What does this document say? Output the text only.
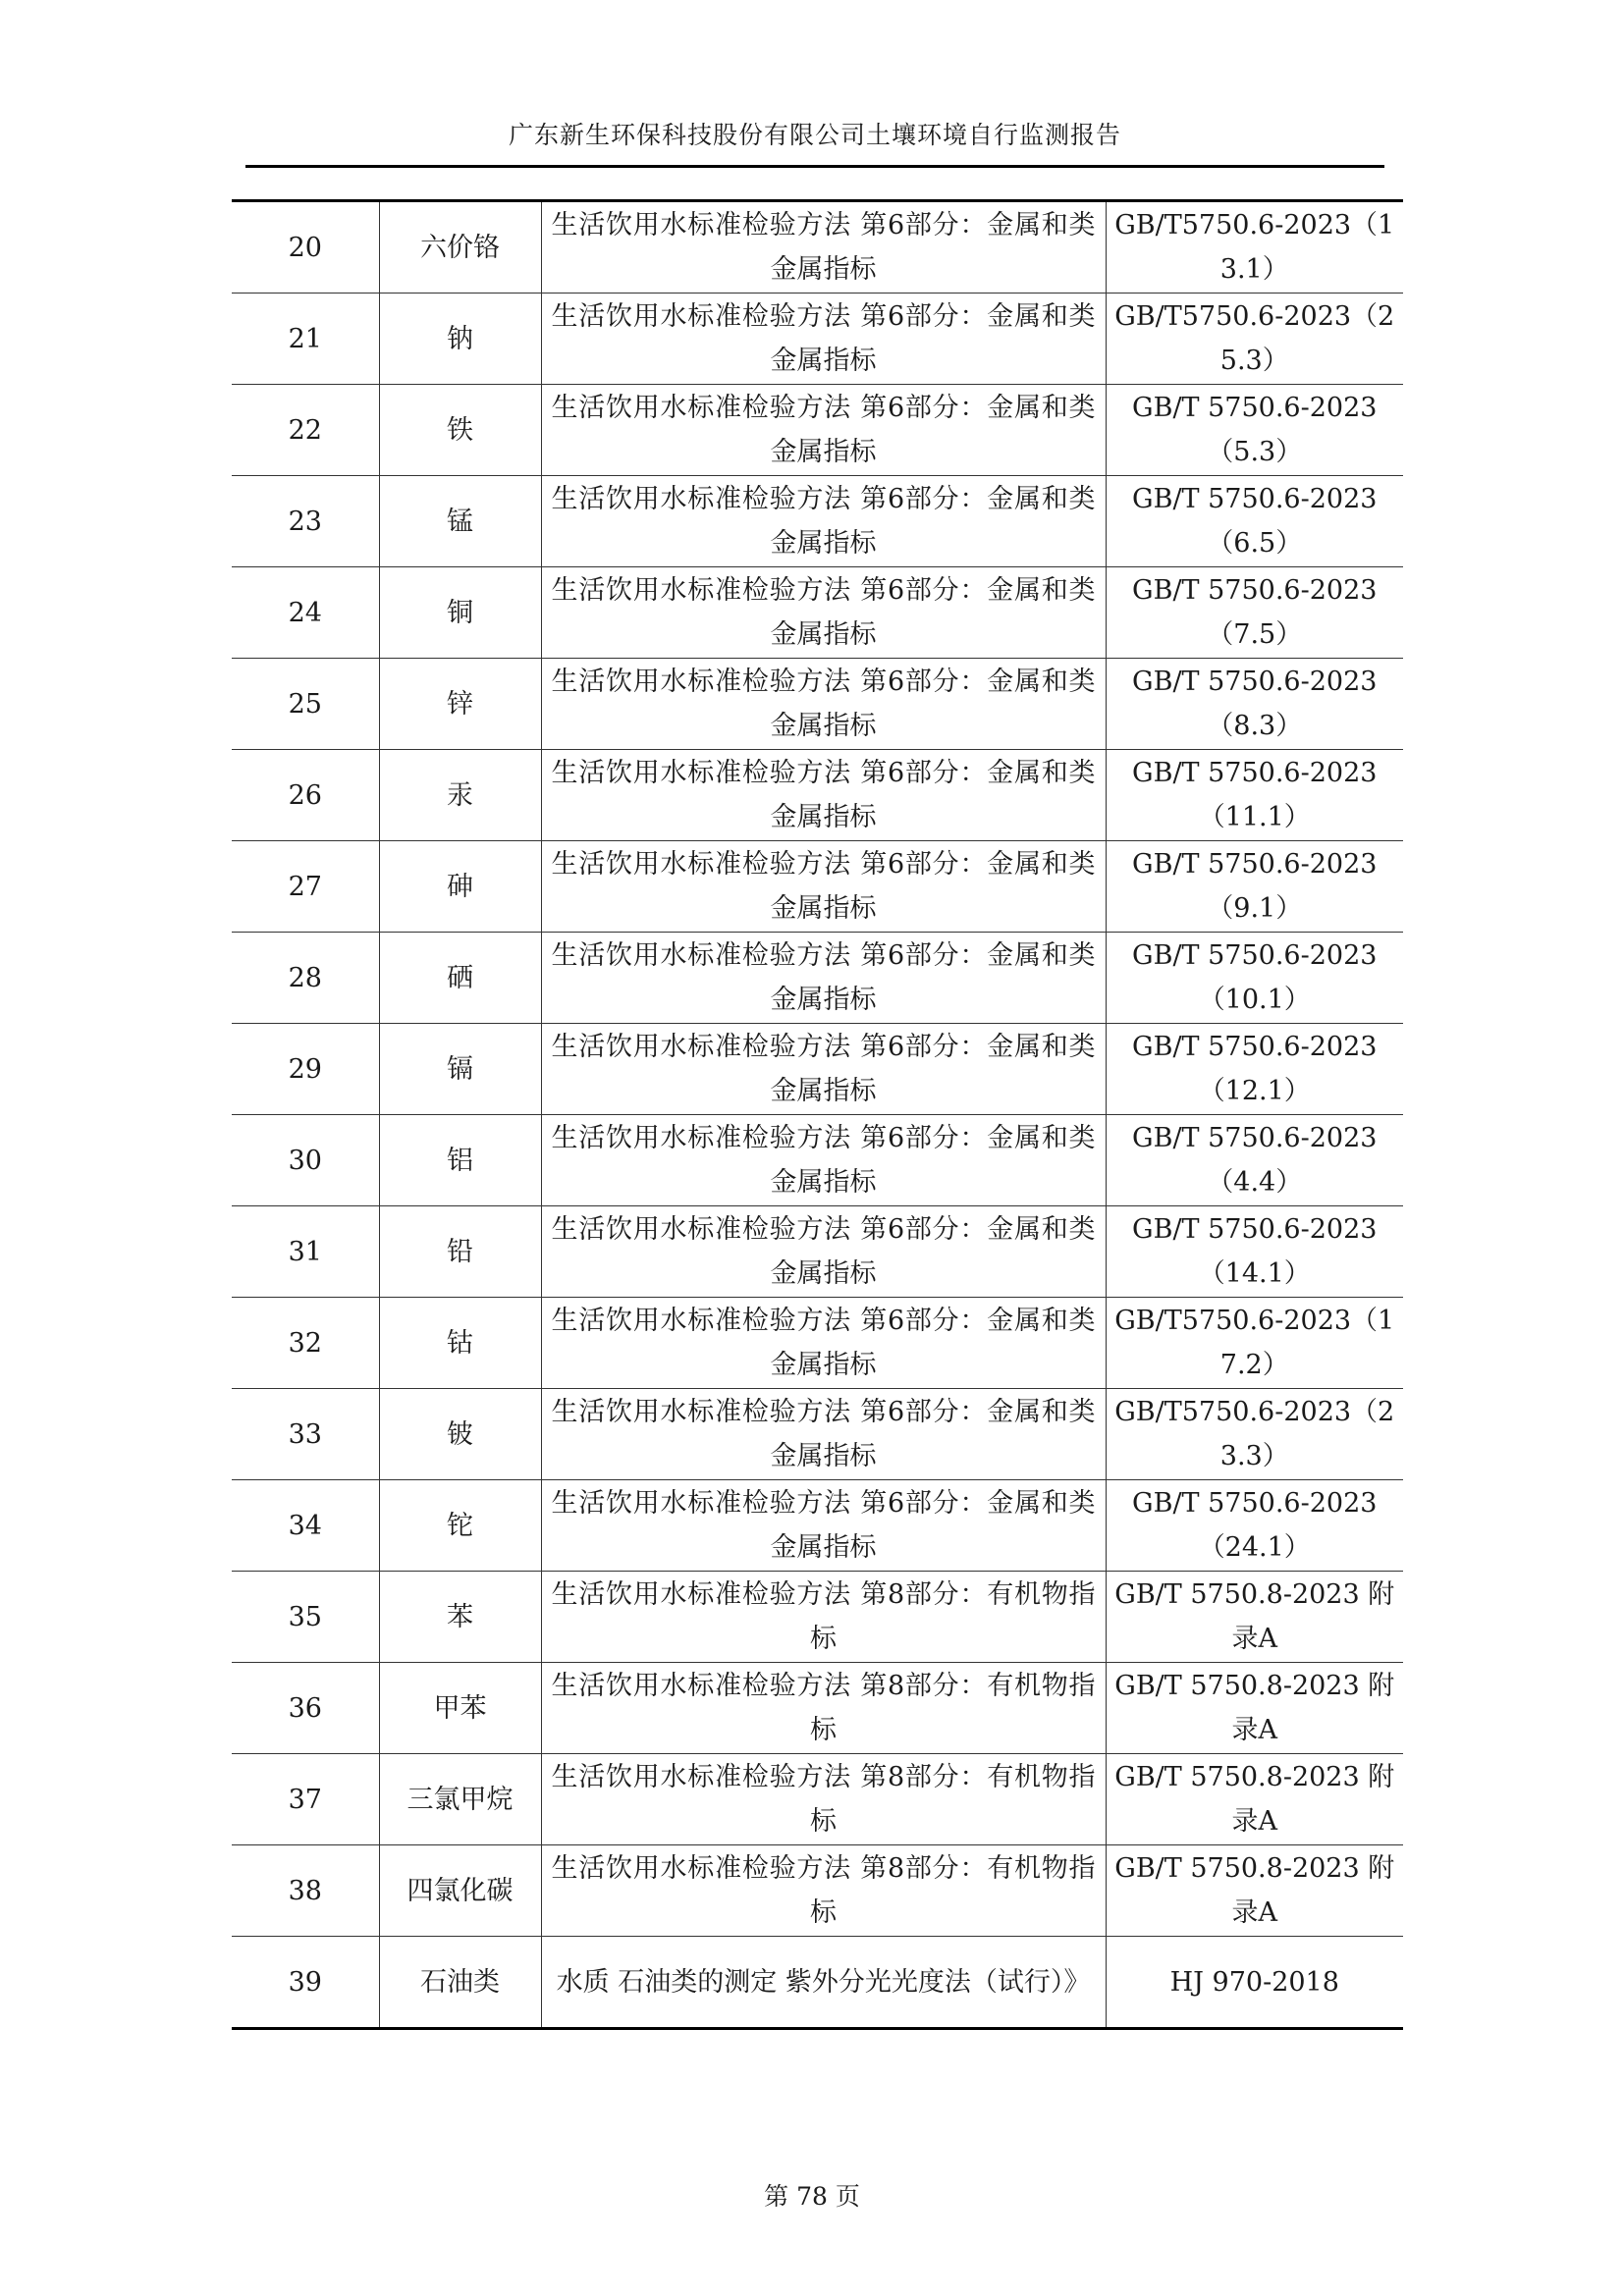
广东新生环保科技股份有限公司土壤环境自行监测报告
20	六价铬	生活饮用水标准检验方法 第6部分：金属和类金属指标	GB/T5750.6-2023（13.1）
21	钠	生活饮用水标准检验方法 第6部分：金属和类金属指标	GB/T5750.6-2023（25.3）
22	铁	生活饮用水标准检验方法 第6部分：金属和类金属指标	GB/T 5750.6-2023（5.3）
23	锰	生活饮用水标准检验方法 第6部分：金属和类金属指标	GB/T 5750.6-2023（6.5）
24	铜	生活饮用水标准检验方法 第6部分：金属和类金属指标	GB/T 5750.6-2023（7.5）
25	锌	生活饮用水标准检验方法 第6部分：金属和类金属指标	GB/T 5750.6-2023（8.3）
26	汞	生活饮用水标准检验方法 第6部分：金属和类金属指标	GB/T 5750.6-2023（11.1）
27	砷	生活饮用水标准检验方法 第6部分：金属和类金属指标	GB/T 5750.6-2023（9.1）
28	硒	生活饮用水标准检验方法 第6部分：金属和类金属指标	GB/T 5750.6-2023（10.1）
29	镉	生活饮用水标准检验方法 第6部分：金属和类金属指标	GB/T 5750.6-2023（12.1）
30	铝	生活饮用水标准检验方法 第6部分：金属和类金属指标	GB/T 5750.6-2023（4.4）
31	铅	生活饮用水标准检验方法 第6部分：金属和类金属指标	GB/T 5750.6-2023（14.1）
32	钴	生活饮用水标准检验方法 第6部分：金属和类金属指标	GB/T5750.6-2023（17.2）
33	铍	生活饮用水标准检验方法 第6部分：金属和类金属指标	GB/T5750.6-2023（23.3）
34	铊	生活饮用水标准检验方法 第6部分：金属和类金属指标	GB/T 5750.6-2023（24.1）
35	苯	生活饮用水标准检验方法 第8部分：有机物指标	GB/T 5750.8-2023 附录A
36	甲苯	生活饮用水标准检验方法 第8部分：有机物指标	GB/T 5750.8-2023 附录A
37	三氯甲烷	生活饮用水标准检验方法 第8部分：有机物指标	GB/T 5750.8-2023 附录A
38	四氯化碳	生活饮用水标准检验方法 第8部分：有机物指标	GB/T 5750.8-2023 附录A
39	石油类	水质 石油类的测定 紫外分光光度法（试行）》	HJ 970-2018
第 78 页
